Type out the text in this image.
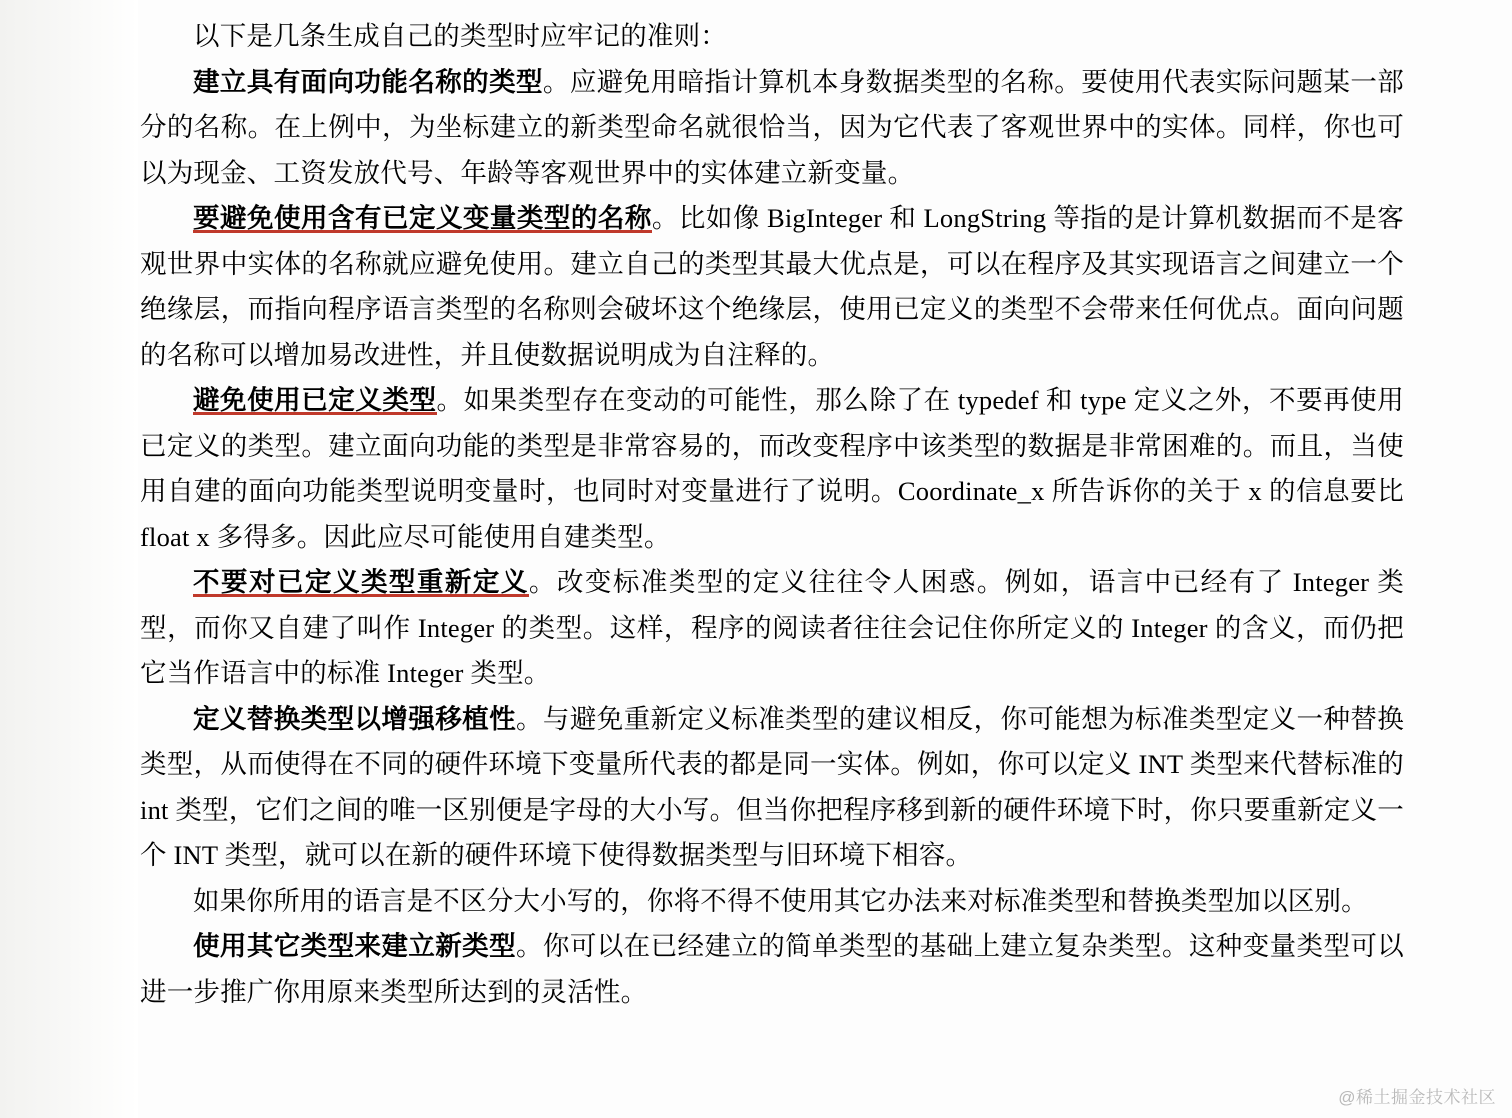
以下是几条生成自己的类型时应牢记的准则：

建立具有面向功能名称的类型。应避免用暗指计算机本身数据类型的名称。要使用代表实际问题某一部分的名称。在上例中，为坐标建立的新类型命名就很恰当，因为它代表了客观世界中的实体。同样，你也可以为现金、工资发放代号、年龄等客观世界中的实体建立新变量。

要避免使用含有已定义变量类型的名称。比如像 BigInteger 和 LongString 等指的是计算机数据而不是客观世界中实体的名称就应避免使用。建立自己的类型其最大优点是，可以在程序及其实现语言之间建立一个绝缘层，而指向程序语言类型的名称则会破坏这个绝缘层，使用已定义的类型不会带来任何优点。面向问题的名称可以增加易改进性，并且使数据说明成为自注释的。

避免使用已定义类型。如果类型存在变动的可能性，那么除了在 typedef 和 type 定义之外，不要再使用已定义的类型。建立面向功能的类型是非常容易的，而改变程序中该类型的数据是非常困难的。而且，当使用自建的面向功能类型说明变量时，也同时对变量进行了说明。Coordinate_x 所告诉你的关于 x 的信息要比 float x 多得多。因此应尽可能使用自建类型。

不要对已定义类型重新定义。改变标准类型的定义往往令人困惑。例如，语言中已经有了 Integer 类型，而你又自建了叫作 Integer 的类型。这样，程序的阅读者往往会记住你所定义的 Integer 的含义，而仍把它当作语言中的标准 Integer 类型。

定义替换类型以增强移植性。与避免重新定义标准类型的建议相反，你可能想为标准类型定义一种替换类型，从而使得在不同的硬件环境下变量所代表的都是同一实体。例如，你可以定义 INT 类型来代替标准的 int 类型，它们之间的唯一区别便是字母的大小写。但当你把程序移到新的硬件环境下时，你只要重新定义一个 INT 类型，就可以在新的硬件环境下使得数据类型与旧环境下相容。

如果你所用的语言是不区分大小写的，你将不得不使用其它办法来对标准类型和替换类型加以区别。

使用其它类型来建立新类型。你可以在已经建立的简单类型的基础上建立复杂类型。这种变量类型可以进一步推广你用原来类型所达到的灵活性。

@稀土掘金技术社区
